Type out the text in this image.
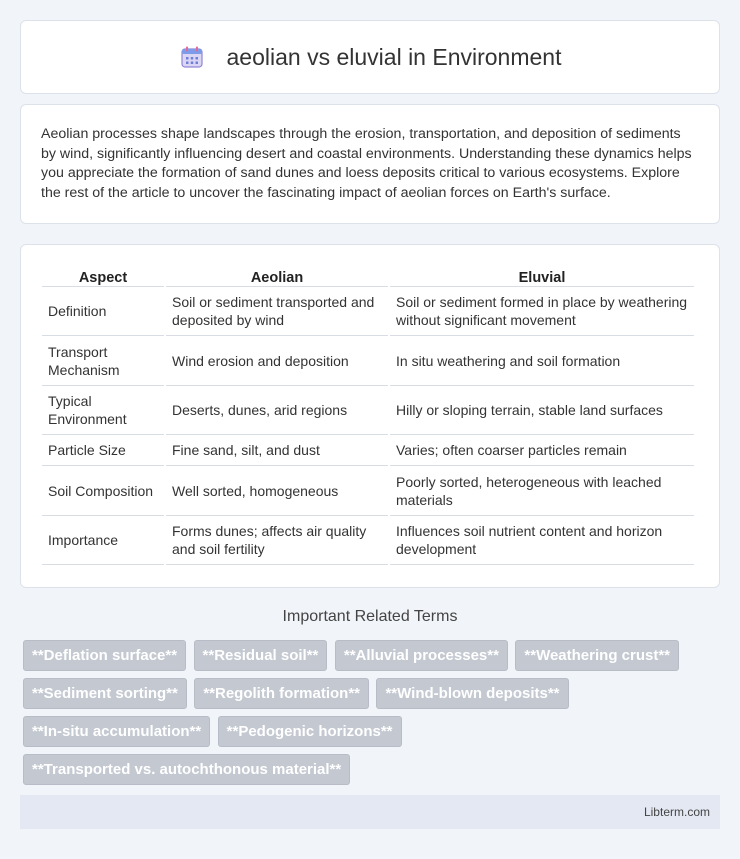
aeolian vs eluvial in Environment

Aeolian processes shape landscapes through the erosion, transportation, and deposition of sediments by wind, significantly influencing desert and coastal environments. Understanding these dynamics helps you appreciate the formation of sand dunes and loess deposits critical to various ecosystems. Explore the rest of the article to uncover the fascinating impact of aeolian forces on Earth's surface.

Aspect	Aeolian	Eluvial
Definition	Soil or sediment transported and deposited by wind	Soil or sediment formed in place by weathering without significant movement
Transport Mechanism	Wind erosion and deposition	In situ weathering and soil formation
Typical Environment	Deserts, dunes, arid regions	Hilly or sloping terrain, stable land surfaces
Particle Size	Fine sand, silt, and dust	Varies; often coarser particles remain
Soil Composition	Well sorted, homogeneous	Poorly sorted, heterogeneous with leached materials
Importance	Forms dunes; affects air quality and soil fertility	Influences soil nutrient content and horizon development
Important Related Terms
**Deflation surface** **Residual soil** **Alluvial processes** **Weathering crust**
**Sediment sorting** **Regolith formation** **Wind-blown deposits**
**In-situ accumulation** **Pedogenic horizons**
**Transported vs. autochthonous material**
Libterm.com
